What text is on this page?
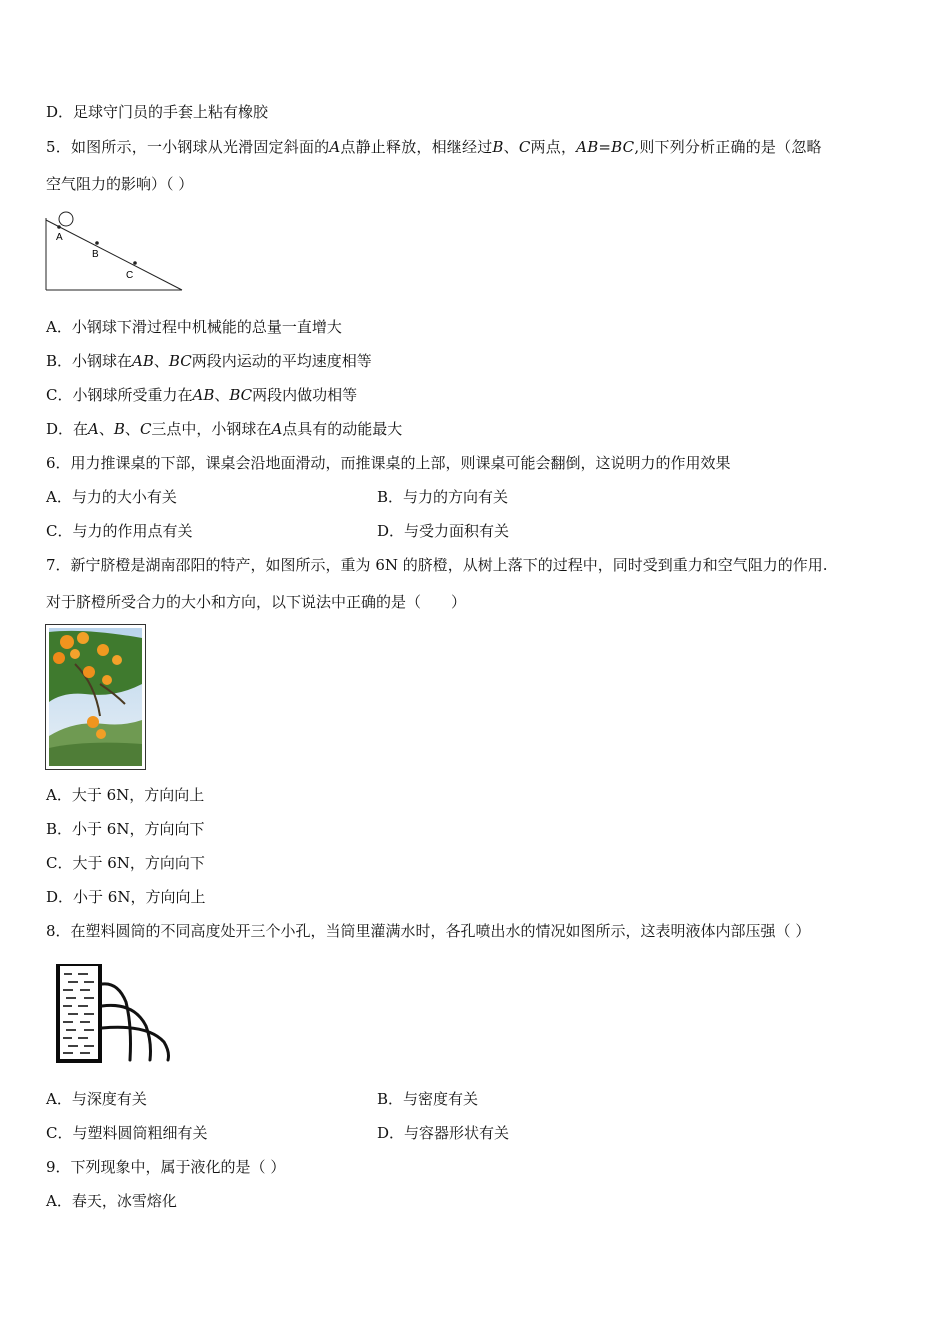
D．足球守门员的手套上粘有橡胶
5．如图所示，一小钢球从光滑固定斜面的A点静止释放，相继经过B、C两点，AB=BC,则下列分析正确的是（忽略
空气阻力的影响）（ ）
A
B
C
A．小钢球下滑过程中机械能的总量一直增大
B．小钢球在AB、BC两段内运动的平均速度相等
C．小钢球所受重力在AB、BC两段内做功相等
D．在A、B、C三点中，小钢球在A点具有的动能最大
6．用力推课桌的下部，课桌会沿地面滑动，而推课桌的上部，则课桌可能会翻倒，这说明力的作用效果
A．与力的大小有关	B．与力的方向有关
C．与力的作用点有关	D．与受力面积有关
7．新宁脐橙是湖南邵阳的特产，如图所示，重为 6N 的脐橙，从树上落下的过程中，同时受到重力和空气阻力的作用.
对于脐橙所受合力的大小和方向，以下说法中正确的是（　　）
A．大于 6N，方向向上
B．小于 6N，方向向下
C．大于 6N，方向向下
D．小于 6N，方向向上
8．在塑料圆筒的不同高度处开三个小孔，当筒里灌满水时，各孔喷出水的情况如图所示，这表明液体内部压强（ ）
A．与深度有关	B．与密度有关
C．与塑料圆筒粗细有关	D．与容器形状有关
9．下列现象中，属于液化的是（ ）
A．春天，冰雪熔化
